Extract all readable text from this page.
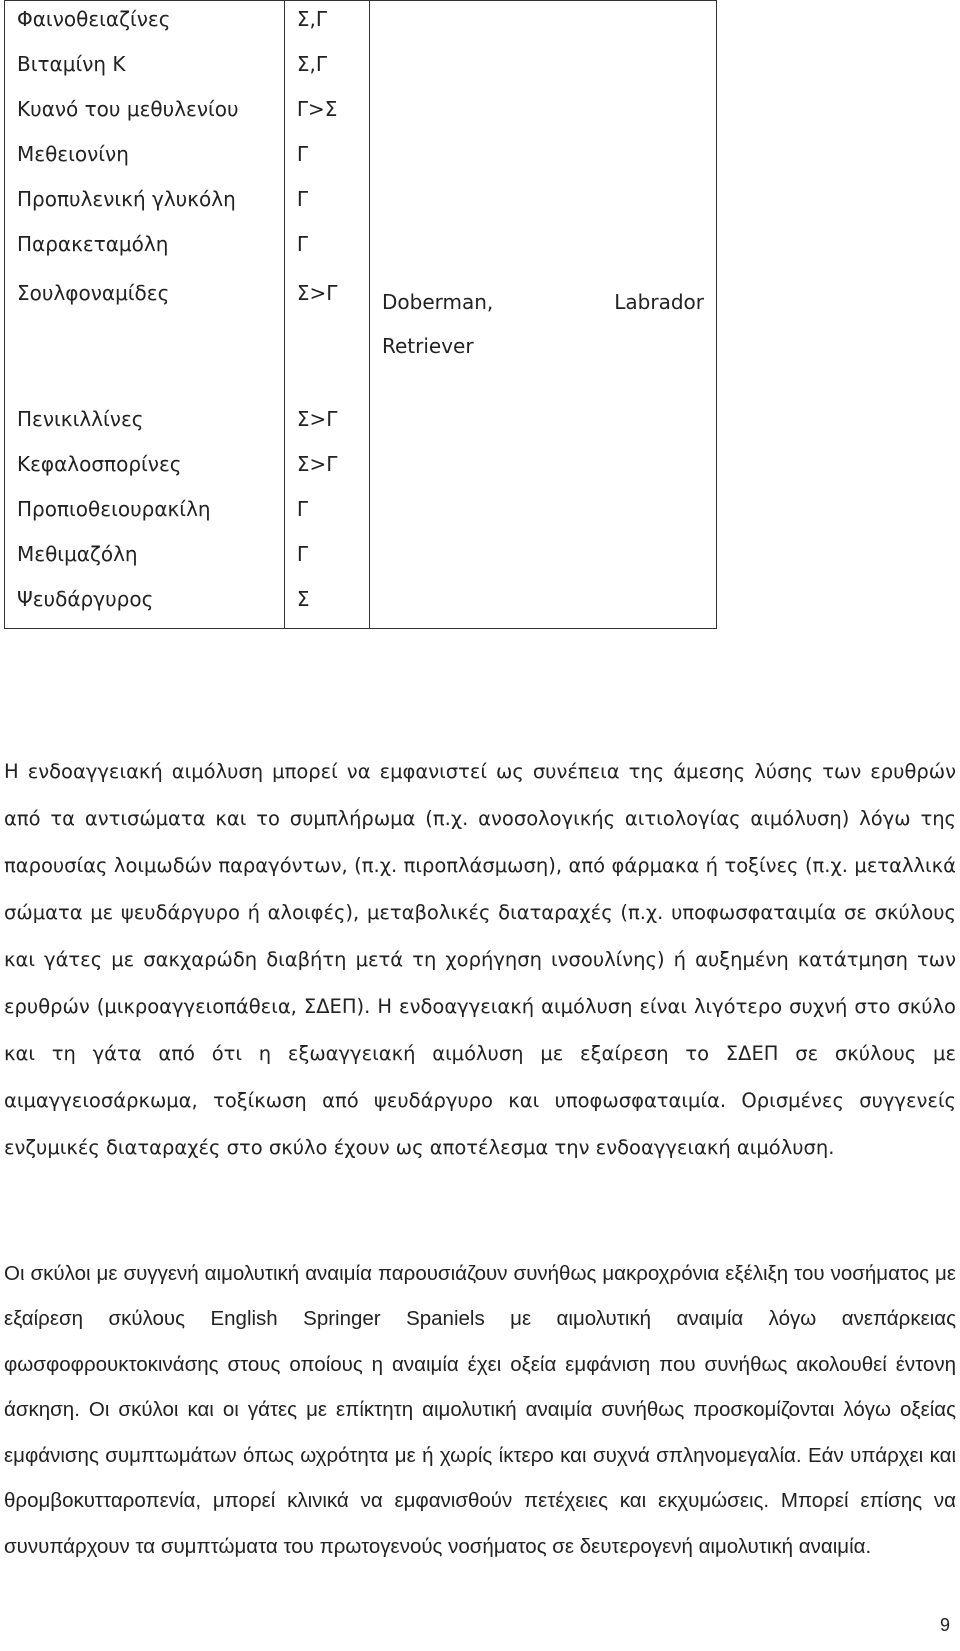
Φαινοθειαζίνες	Σ,Γ	
Βιταμίνη Κ	Σ,Γ	
Κυανό του μεθυλενίου	Γ>Σ	
Μεθειονίνη	Γ	
Προπυλενική γλυκόλη	Γ	
Παρακεταμόλη	Γ	
Σουλφοναμίδες	Σ>Γ	Doberman, Labrador
Retriever

Πενικιλλίνες	Σ>Γ	
Κεφαλοσπορίνες	Σ>Γ	
Προπιοθειουρακίλη	Γ	
Μεθιμαζόλη	Γ	
Ψευδάργυρος	Σ	

Η ενδοαγγειακή αιμόλυση μπορεί να εμφανιστεί ως συνέπεια της άμεσης λύσης των ερυθρών από τα αντισώματα και το συμπλήρωμα (π.χ. ανοσολογικής αιτιολογίας αιμόλυση) λόγω της παρουσίας λοιμωδών παραγόντων, (π.χ. πιροπλάσμωση), από φάρμακα ή τοξίνες (π.χ. μεταλλικά σώματα με ψευδάργυρο ή αλοιφές), μεταβολικές διαταραχές (π.χ. υποφωσφαταιμία σε σκύλους και γάτες με σακχαρώδη διαβήτη μετά τη χορήγηση ινσουλίνης) ή αυξημένη κατάτμηση των ερυθρών (μικροαγγειοπάθεια, ΣΔΕΠ). Η ενδοαγγειακή αιμόλυση είναι λιγότερο συχνή στο σκύλο και τη γάτα από ότι η εξωαγγειακή αιμόλυση με εξαίρεση το ΣΔΕΠ σε σκύλους με αιμαγγειοσάρκωμα, τοξίκωση από ψευδάργυρο και υποφωσφαταιμία. Ορισμένες συγγενείς ενζυμικές διαταραχές στο σκύλο έχουν ως αποτέλεσμα την ενδοαγγειακή αιμόλυση.

Οι σκύλοι με συγγενή αιμολυτική αναιμία παρουσιάζουν συνήθως μακροχρόνια εξέλιξη του νοσήματος με εξαίρεση σκύλους English Springer Spaniels με αιμολυτική αναιμία λόγω ανεπάρκειας φωσφοφρουκτοκινάσης στους οποίους η αναιμία έχει οξεία εμφάνιση που συνήθως ακολουθεί έντονη άσκηση. Οι σκύλοι και οι γάτες με επίκτητη αιμολυτική αναιμία συνήθως προσκομίζονται λόγω οξείας εμφάνισης συμπτωμάτων όπως ωχρότητα με ή χωρίς ίκτερο και συχνά σπληνομεγαλία. Εάν υπάρχει και θρομβοκυτταροπενία, μπορεί κλινικά να εμφανισθούν πετέχειες και εκχυμώσεις. Μπορεί επίσης να συνυπάρχουν τα συμπτώματα του πρωτογενούς νοσήματος σε δευτερογενή αιμολυτική αναιμία.

9
